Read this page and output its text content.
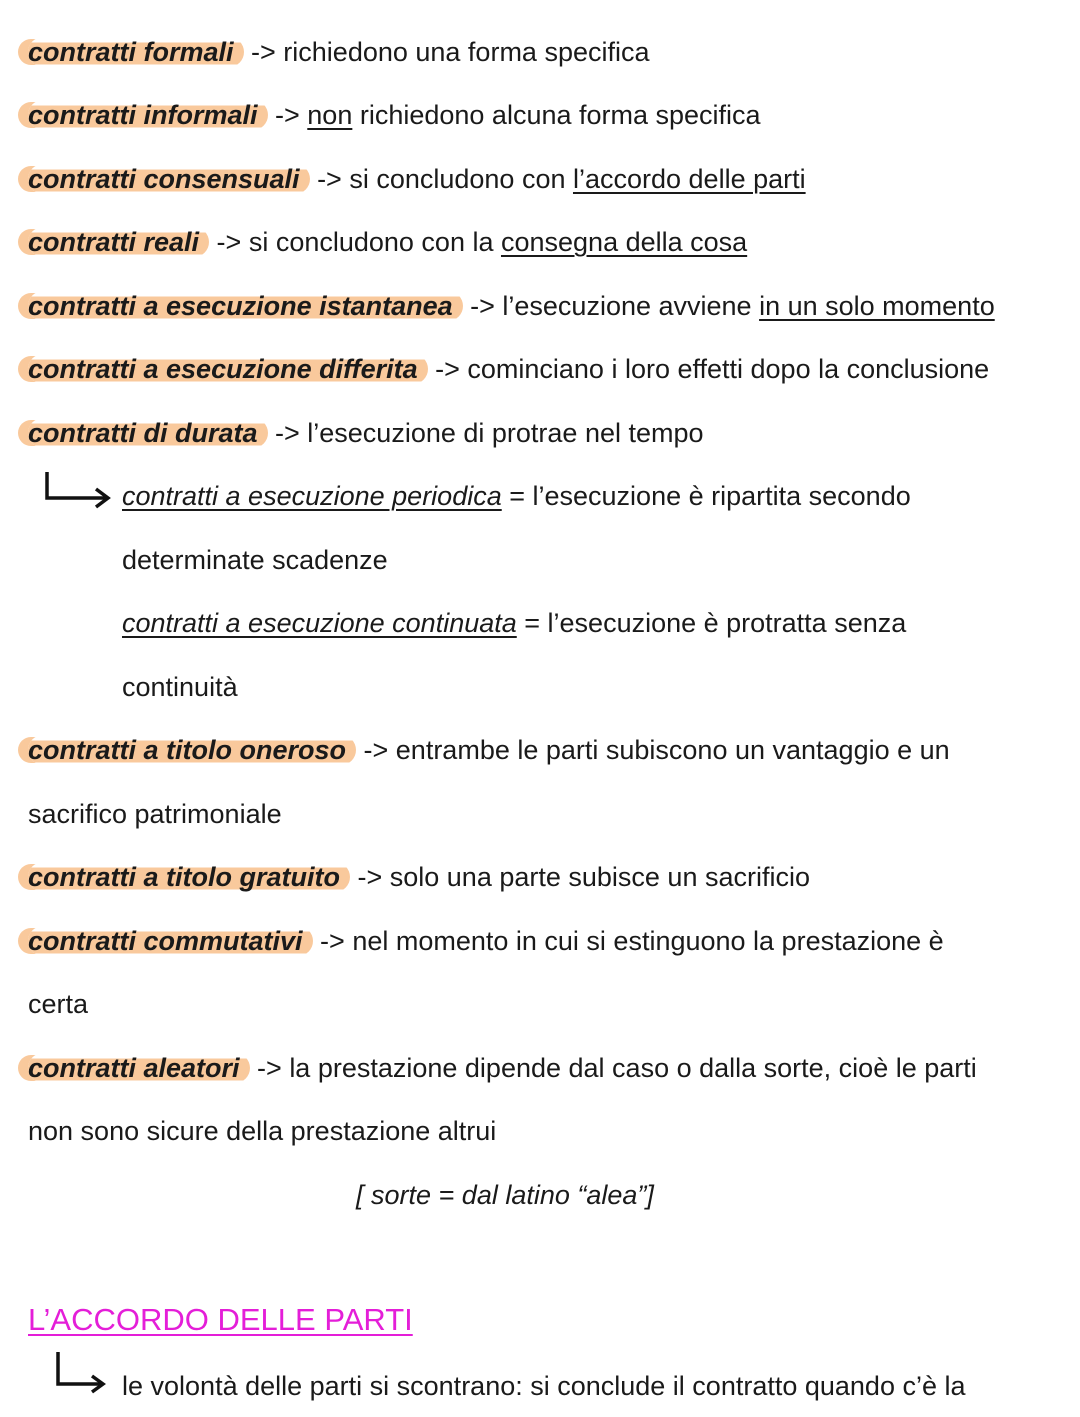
contratti formali -> richiedono una forma specifica
contratti informali -> non richiedono alcuna forma specifica
contratti consensuali -> si concludono con l’accordo delle parti
contratti reali -> si concludono con la consegna della cosa
contratti a esecuzione istantanea -> l’esecuzione avviene in un solo momento
contratti a esecuzione differita -> cominciano i loro effetti dopo la conclusione
contratti di durata -> l’esecuzione di protrae nel tempo
contratti a esecuzione periodica = l’esecuzione è ripartita secondo
determinate scadenze
contratti a esecuzione continuata = l’esecuzione è protratta senza
continuità
contratti a titolo oneroso -> entrambe le parti subiscono un vantaggio e un
sacrifico patrimoniale
contratti a titolo gratuito -> solo una parte subisce un sacrificio
contratti commutativi -> nel momento in cui si estinguono la prestazione è
certa
contratti aleatori -> la prestazione dipende dal caso o dalla sorte, cioè le parti
non sono sicure della prestazione altrui
[ sorte = dal latino “alea”]
L’ACCORDO DELLE PARTI
le volontà delle parti si scontrano: si conclude il contratto quando c’è la
